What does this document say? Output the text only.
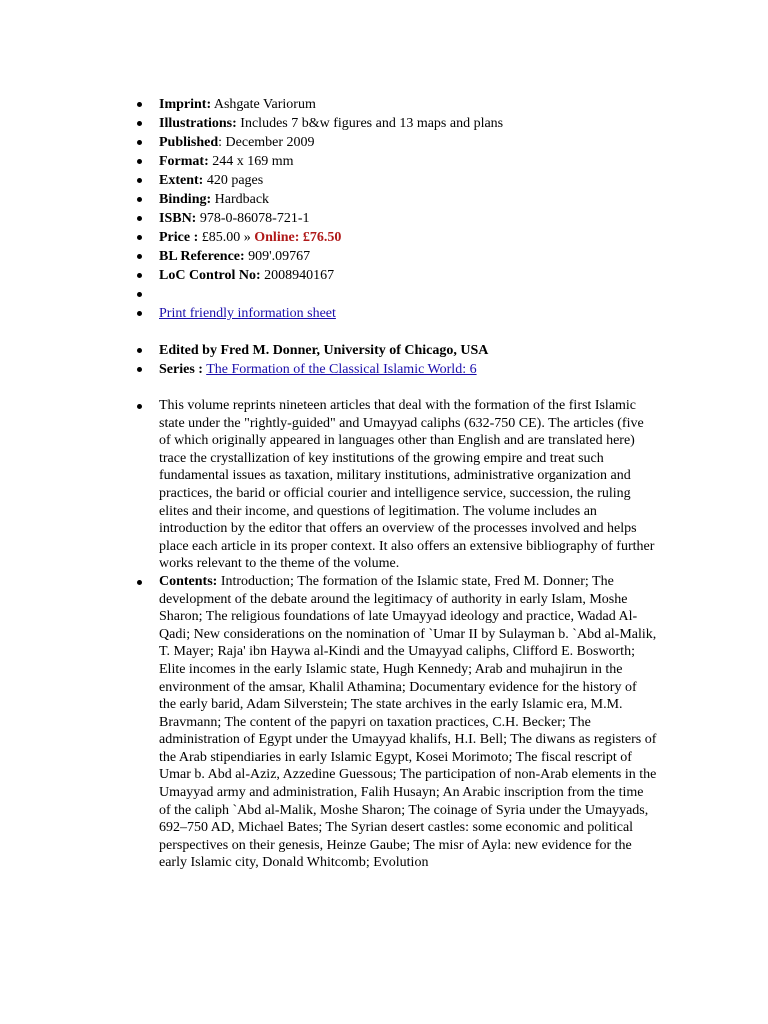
Imprint: Ashgate Variorum
Illustrations: Includes 7 b&w figures and 13 maps and plans
Published: December 2009
Format: 244 x 169 mm
Extent: 420 pages
Binding: Hardback
ISBN: 978-0-86078-721-1
Price : £85.00 » Online: £76.50
BL Reference: 909'.09767
LoC Control No: 2008940167
Print friendly information sheet
Edited by Fred M. Donner, University of Chicago, USA
Series : The Formation of the Classical Islamic World: 6
This volume reprints nineteen articles that deal with the formation of the first Islamic state under the "rightly-guided" and Umayyad caliphs (632-750 CE). The articles (five of which originally appeared in languages other than English and are translated here) trace the crystallization of key institutions of the growing empire and treat such fundamental issues as taxation, military institutions, administrative organization and practices, the barid or official courier and intelligence service, succession, the ruling elites and their income, and questions of legitimation. The volume includes an introduction by the editor that offers an overview of the processes involved and helps place each article in its proper context. It also offers an extensive bibliography of further works relevant to the theme of the volume.
Contents: Introduction; The formation of the Islamic state, Fred M. Donner; The development of the debate around the legitimacy of authority in early Islam, Moshe Sharon; The religious foundations of late Umayyad ideology and practice, Wadad Al-Qadi; New considerations on the nomination of `Umar II by Sulayman b. `Abd al-Malik, T. Mayer; Raja' ibn Haywa al-Kindi and the Umayyad caliphs, Clifford E. Bosworth; Elite incomes in the early Islamic state, Hugh Kennedy; Arab and muhajirun in the environment of the amsar, Khalil Athamina; Documentary evidence for the history of the early barid, Adam Silverstein; The state archives in the early Islamic era, M.M. Bravmann; The content of the papyri on taxation practices, C.H. Becker; The administration of Egypt under the Umayyad khalifs, H.I. Bell; The diwans as registers of the Arab stipendiaries in early Islamic Egypt, Kosei Morimoto; The fiscal rescript of Umar b. Abd al-Aziz, Azzedine Guessous; The participation of non-Arab elements in the Umayyad army and administration, Falih Husayn; An Arabic inscription from the time of the caliph `Abd al-Malik, Moshe Sharon; The coinage of Syria under the Umayyads, 692–750 AD, Michael Bates; The Syrian desert castles: some economic and political perspectives on their genesis, Heinze Gaube; The misr of Ayla: new evidence for the early Islamic city, Donald Whitcomb; Evolution
